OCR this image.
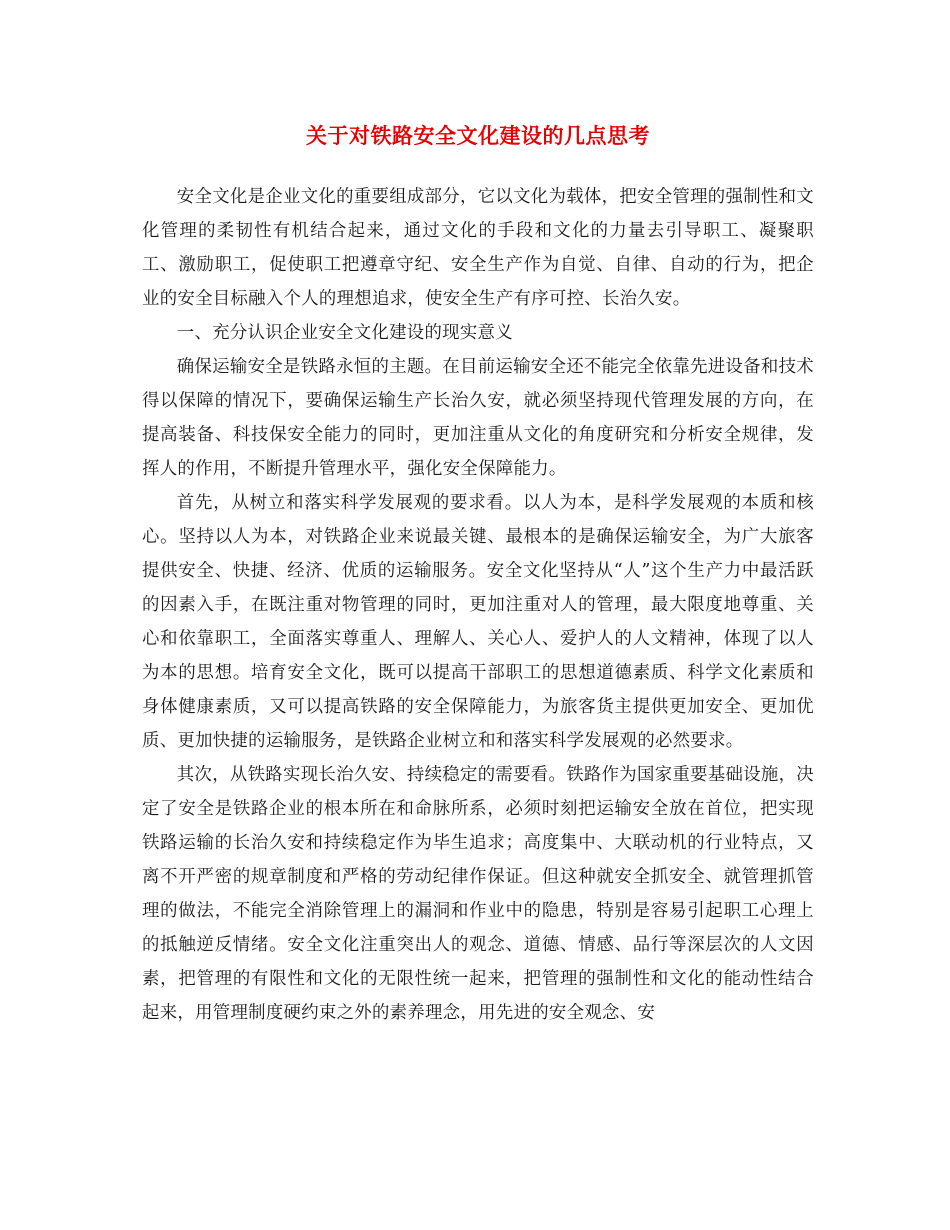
关于对铁路安全文化建设的几点思考

安全文化是企业文化的重要组成部分，它以文化为载体，把安全管理的强制性和文化管理的柔韧性有机结合起来，通过文化的手段和文化的力量去引导职工、凝聚职工、激励职工，促使职工把遵章守纪、安全生产作为自觉、自律、自动的行为，把企业的安全目标融入个人的理想追求，使安全生产有序可控、长治久安。

一、充分认识企业安全文化建设的现实意义

确保运输安全是铁路永恒的主题。在目前运输安全还不能完全依靠先进设备和技术得以保障的情况下，要确保运输生产长治久安，就必须坚持现代管理发展的方向，在提高装备、科技保安全能力的同时，更加注重从文化的角度研究和分析安全规律，发挥人的作用，不断提升管理水平，强化安全保障能力。

首先，从树立和落实科学发展观的要求看。以人为本，是科学发展观的本质和核心。坚持以人为本，对铁路企业来说最关键、最根本的是确保运输安全，为广大旅客提供安全、快捷、经济、优质的运输服务。安全文化坚持从“人”这个生产力中最活跃的因素入手，在既注重对物管理的同时，更加注重对人的管理，最大限度地尊重、关心和依靠职工，全面落实尊重人、理解人、关心人、爱护人的人文精神，体现了以人为本的思想。培育安全文化，既可以提高干部职工的思想道德素质、科学文化素质和身体健康素质，又可以提高铁路的安全保障能力，为旅客货主提供更加安全、更加优质、更加快捷的运输服务，是铁路企业树立和和落实科学发展观的必然要求。

其次，从铁路实现长治久安、持续稳定的需要看。铁路作为国家重要基础设施，决定了安全是铁路企业的根本所在和命脉所系，必须时刻把运输安全放在首位，把实现铁路运输的长治久安和持续稳定作为毕生追求；高度集中、大联动机的行业特点，又离不开严密的规章制度和严格的劳动纪律作保证。但这种就安全抓安全、就管理抓管理的做法，不能完全消除管理上的漏洞和作业中的隐患，特别是容易引起职工心理上的抵触逆反情绪。安全文化注重突出人的观念、道德、情感、品行等深层次的人文因素，把管理的有限性和文化的无限性统一起来，把管理的强制性和文化的能动性结合起来，用管理制度硬约束之外的素养理念，用先进的安全观念、安
